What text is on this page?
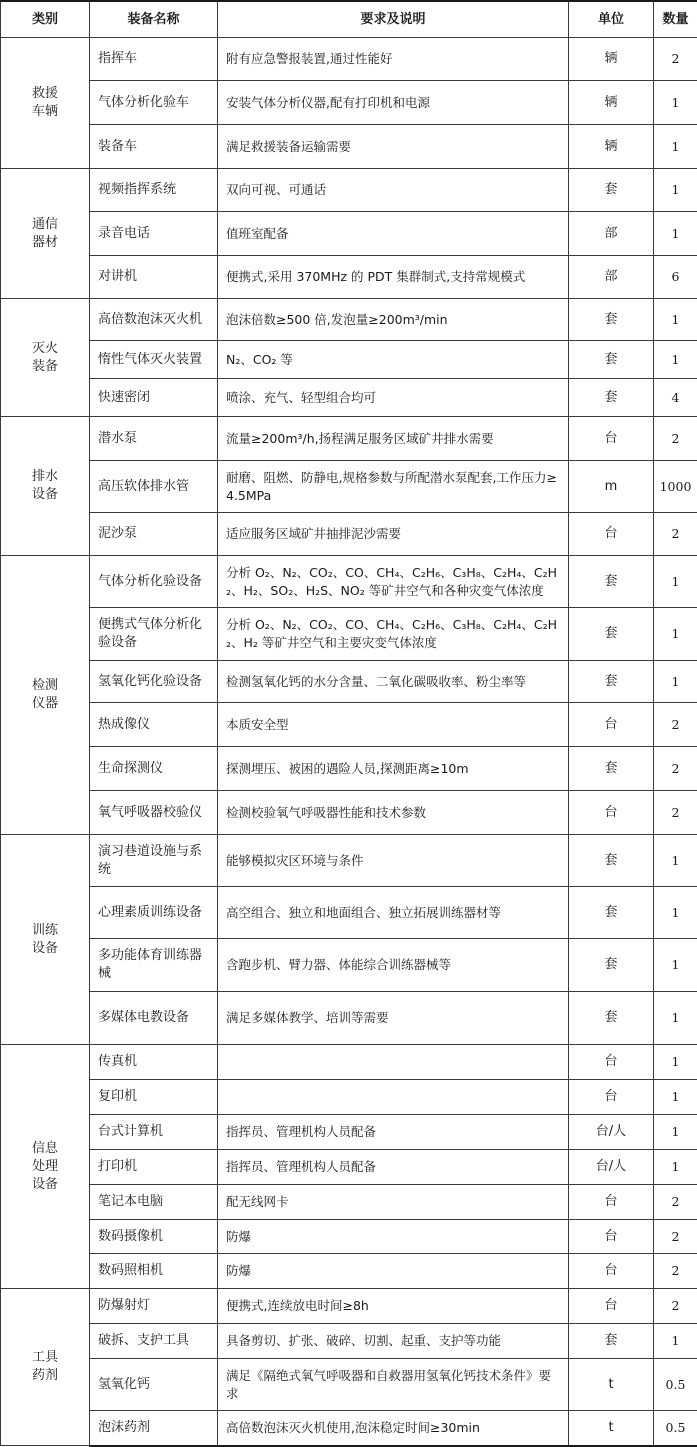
类别	装备名称	要求及说明	单位	数量
救援车辆	指挥车	附有应急警报装置,通过性能好	辆	2
	气体分析化验车	安装气体分析仪器,配有打印机和电源	辆	1
	装备车	满足救援装备运输需要	辆	1
通信器材	视频指挥系统	双向可视、可通话	套	1
	录音电话	值班室配备	部	1
	对讲机	便携式,采用 370MHz 的 PDT 集群制式,支持常规模式	部	6
灭火装备	高倍数泡沫灭火机	泡沫倍数≥500 倍,发泡量≥200m³/min	套	1
	惰性气体灭火装置	N₂、CO₂ 等	套	1
	快速密闭	喷涂、充气、轻型组合均可	套	4
排水设备	潜水泵	流量≥200m³/h,扬程满足服务区域矿井排水需要	台	2
	高压软体排水管	耐磨、阻燃、防静电,规格参数与所配潜水泵配套,工作压力≥4.5MPa	m	1000
	泥沙泵	适应服务区域矿井抽排泥沙需要	台	2
检测仪器	气体分析化验设备	分析 O₂、N₂、CO₂、CO、CH₄、C₂H₆、C₃H₈、C₂H₄、C₂H₂、H₂、SO₂、H₂S、NO₂ 等矿井空气和各种灾变气体浓度	套	1
	便携式气体分析化验设备	分析 O₂、N₂、CO₂、CO、CH₄、C₂H₆、C₃H₈、C₂H₄、C₂H₂、H₂ 等矿井空气和主要灾变气体浓度	套	1
	氢氧化钙化验设备	检测氢氧化钙的水分含量、二氧化碳吸收率、粉尘率等	套	1
	热成像仪	本质安全型	台	2
	生命探测仪	探测埋压、被困的遇险人员,探测距离≥10m	套	2
	氧气呼吸器校验仪	检测校验氧气呼吸器性能和技术参数	台	2
训练设备	演习巷道设施与系统	能够模拟灾区环境与条件	套	1
	心理素质训练设备	高空组合、独立和地面组合、独立拓展训练器材等	套	1
	多功能体育训练器械	含跑步机、臂力器、体能综合训练器械等	套	1
	多媒体电教设备	满足多媒体教学、培训等需要	套	1
信息处理设备	传真机		台	1
	复印机		台	1
	台式计算机	指挥员、管理机构人员配备	台/人	1
	打印机	指挥员、管理机构人员配备	台/人	1
	笔记本电脑	配无线网卡	台	2
	数码摄像机	防爆	台	2
	数码照相机	防爆	台	2
工具药剂	防爆射灯	便携式,连续放电时间≥8h	台	2
	破拆、支护工具	具备剪切、扩张、破碎、切割、起重、支护等功能	套	1
	氢氧化钙	满足《隔绝式氧气呼吸器和自救器用氢氧化钙技术条件》要求	t	0.5
	泡沫药剂	高倍数泡沫灭火机使用,泡沫稳定时间≥30min	t	0.5
